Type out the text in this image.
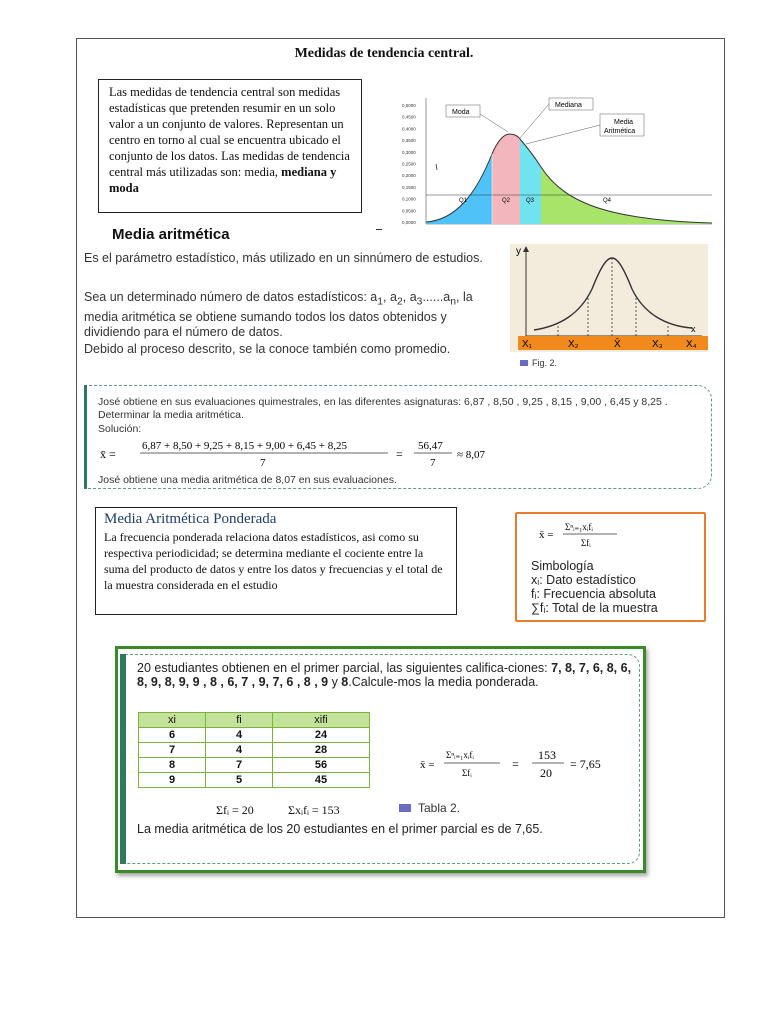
Medidas de tendencia central.
Las medidas de tendencia central son medidas estadísticas que pretenden resumir en un solo valor a un conjunto de valores. Representan un centro en torno al cual se encuentra ubicado el conjunto de los datos. Las medidas de tendencia central más utilizadas son: media, mediana y moda
0,5000
0,4500
0,4000
0,3500
0,3000
0,2500
0,2000
0,1500
0,1000
0,0500
0,0000
Q1	Q2	Q3	Q4
Moda
Mediana
Media
Aritmética
Media aritmética

Es el parámetro estadístico, más utilizado en un sinnúmero de estudios.

Sea un determinado número de datos estadísticos: $a_1$, $a_2$, $a_3......a_n$, la media aritmética se obtiene sumando todos los datos obtenidos y dividiendo para el número de datos.

Debido al proceso descrito, se la conoce también como promedio.

y
x
X₁	X₂	X̄	X₃ X₄
Fig. 2.
José obtiene en sus evaluaciones quimestrales, en las diferentes asignaturas: 6,87 , 8,50 , 9,25 , 8,15 , 9,00 , 6,45 y 8,25 . Determinar la media aritmética.
Solución:
x̄ =
6,87 + 8,50 + 9,25 + 8,15 + 9,00 + 6,45 + 8,25
7
=
56,47
7
≈ 8,07
José obtiene una media aritmética de 8,07 en sus evaluaciones.
Media Aritmética Ponderada
La frecuencia ponderada relaciona datos estadísticos, asi como su respectiva periodicidad; se determina mediante el cociente entre la suma del producto de datos y entre los datos y frecuencias y el total de la muestra considerada en el estudio
x̄ =
Σⁿᵢ₌₁xᵢfᵢ
Σfᵢ
Simbología
xᵢ: Dato estadístico
fᵢ: Frecuencia absoluta
∑fᵢ: Total de la muestra

20 estudiantes obtienen en el primer parcial, las siguientes califica-ciones: 7, 8, 7, 6, 8, 6, 8, 9, 8, 9, 9 , 8 , 6, 7 , 9, 7, 6 , 8 , 9 y 8.Calcule-mos la media ponderada.

xi	fi	xifi
6	4	24
7	4	28
8	7	56
9	5	45
Σfᵢ = 20	Σxᵢfᵢ = 153
x̄ =
Σⁿᵢ₌₁xᵢfᵢ
Σfᵢ
=
153
20
= 7,65
Tabla 2.

La media aritmética de los 20 estudiantes en el primer parcial es de 7,65.
